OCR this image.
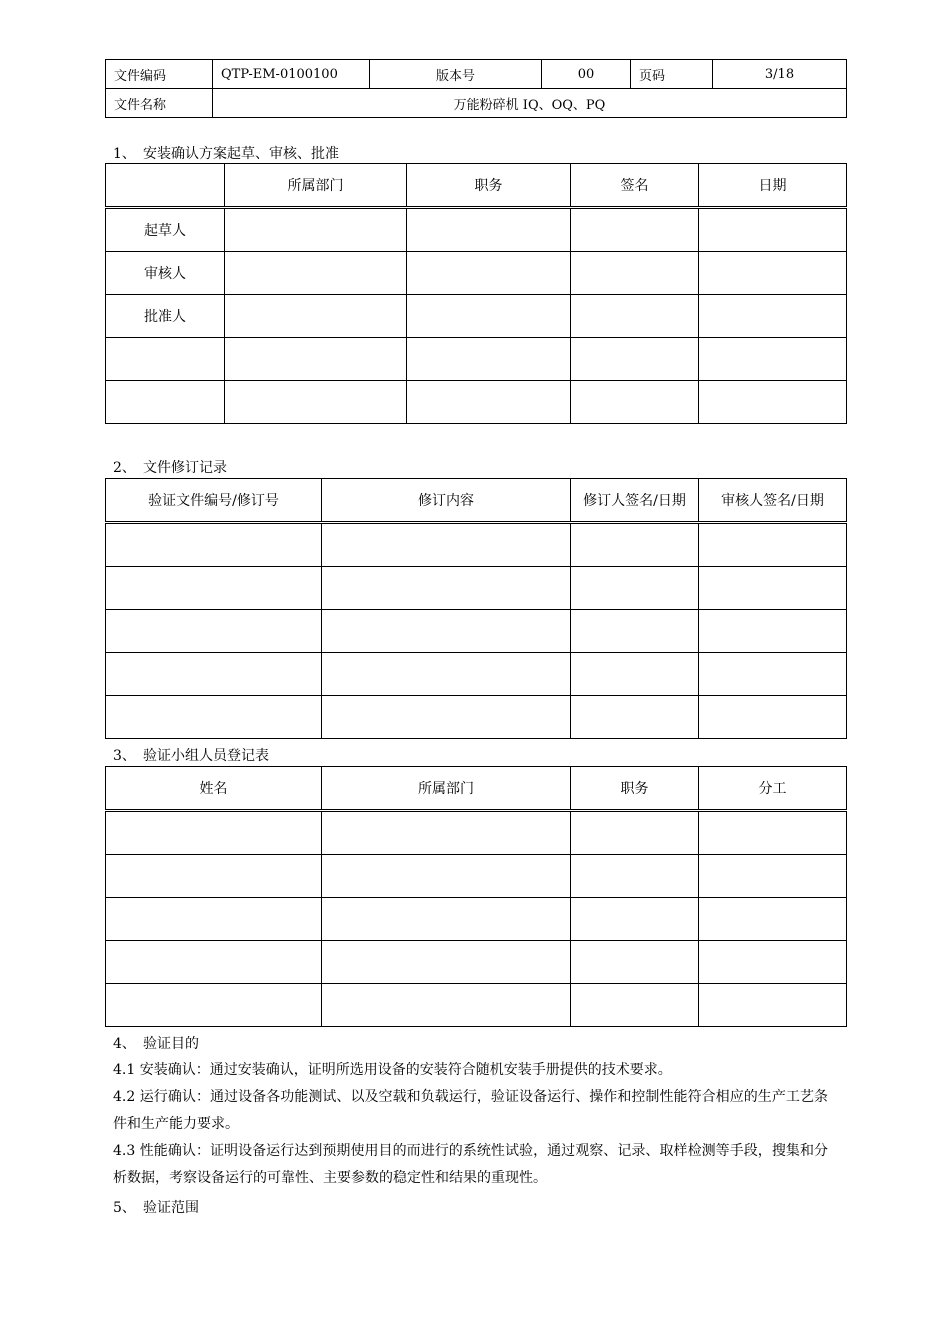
文件编码	QTP-EM-0100100	版本号	00	页码	3/18
文件名称	万能粉碎机 IQ、OQ、PQ				
1、 安装确认方案起草、审核、批准
	所属部门	职务	签名	日期
起草人				
审核人				
批准人				

2、 文件修订记录
验证文件编号/修订号	修订内容	修订人签名/日期	审核人签名/日期

3、 验证小组人员登记表
姓名	所属部门	职务	分工

4、 验证目的
4.1 安装确认：通过安装确认，证明所选用设备的安装符合随机安装手册提供的技术要求。
4.2 运行确认：通过设备各功能测试、以及空载和负载运行，验证设备运行、操作和控制性能符合相应的生产工艺条件和生产能力要求。
4.3 性能确认：证明设备运行达到预期使用目的而进行的系统性试验，通过观察、记录、取样检测等手段，搜集和分析数据，考察设备运行的可靠性、主要参数的稳定性和结果的重现性。
5、 验证范围
